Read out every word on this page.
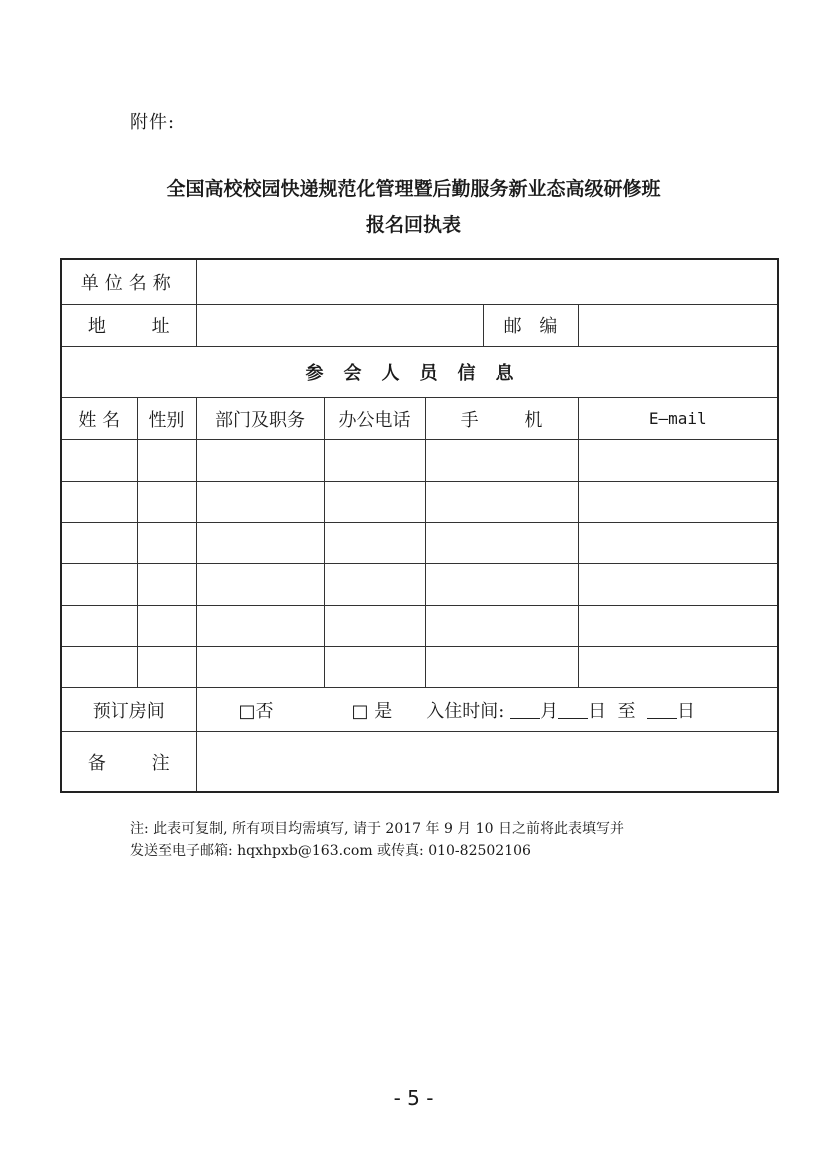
附件:
全国高校校园快递规范化管理暨后勤服务新业态高级研修班
报名回执表
单位名称						
地 址					邮 编	
参会人员信息						
姓 名	性别	部门及职务	办公电话	手 机		E—mail

预订房间		□否 □ 是 入住时间: 月 日 至 日				
备 注						
注: 此表可复制, 所有项目均需填写, 请于 2017 年 9 月 10 日之前将此表填写并
发送至电子邮箱: hqxhpxb@163.com 或传真: 010-82502106
- 5 -
